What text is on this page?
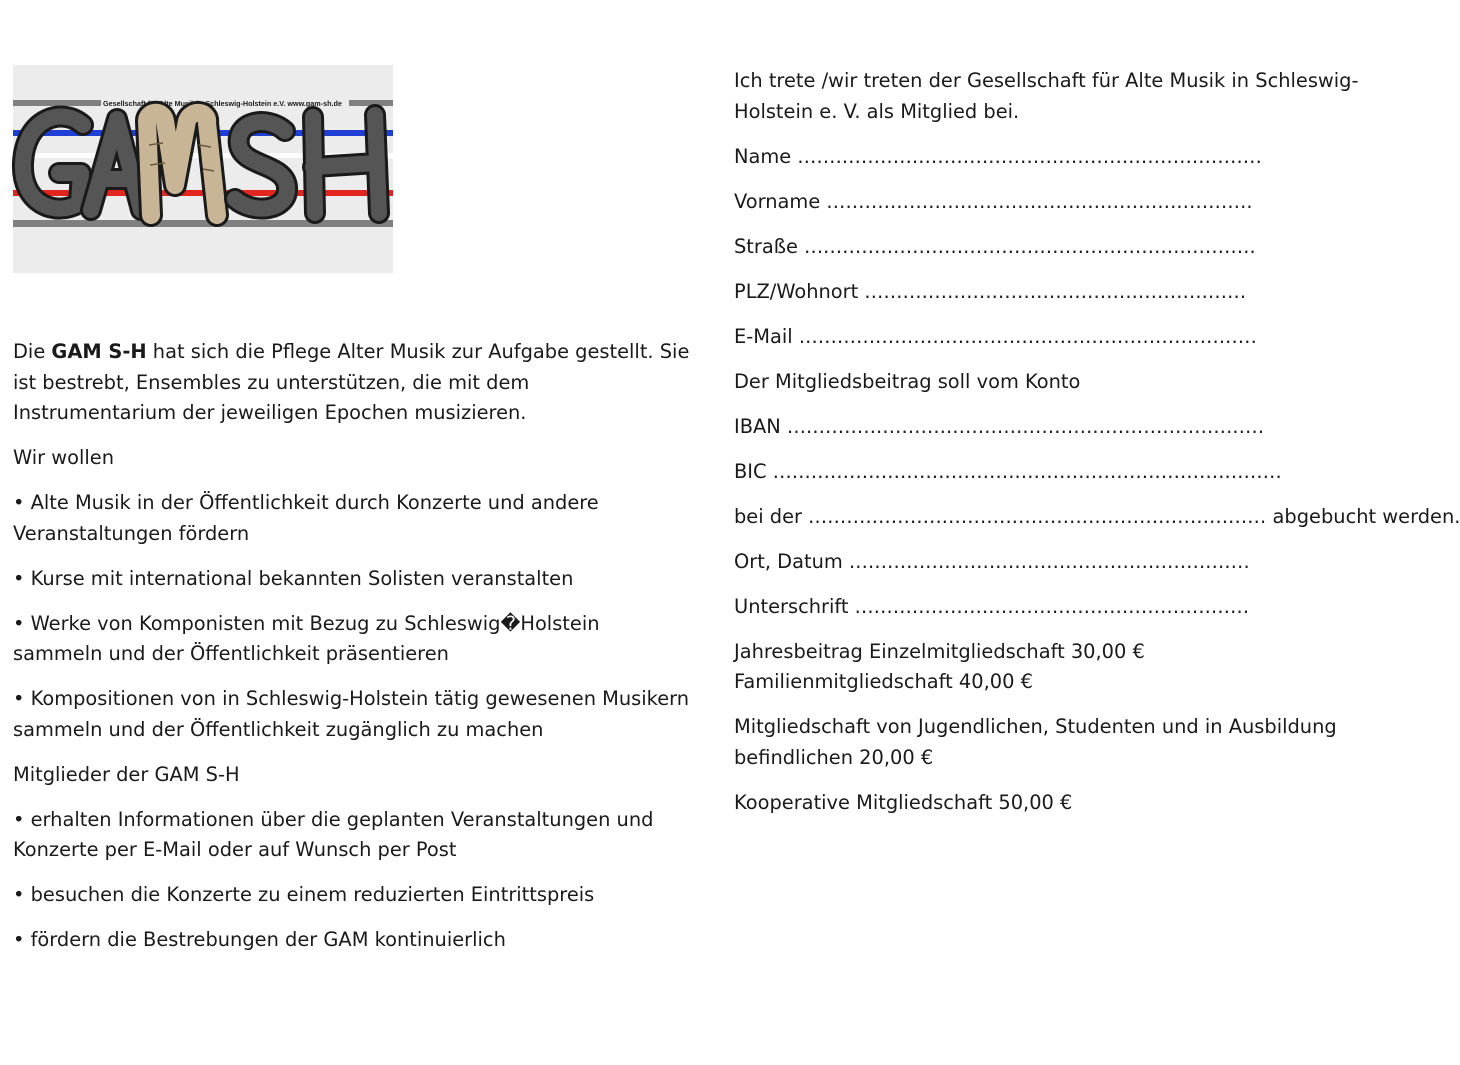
Gesellschaft für Alte Musik in Schleswig-Holstein e.V. www.gam-sh.de

Die GAM S-H hat sich die Pflege Alter Musik zur Aufgabe gestellt. Sie ist bestrebt, Ensembles zu unterstützen, die mit dem Instrumentarium der jeweiligen Epochen musizieren.

Wir wollen

• Alte Musik in der Öffentlichkeit durch Konzerte und andere Veranstaltungen fördern

• Kurse mit international bekannten Solisten veranstalten

• Werke von Komponisten mit Bezug zu Schleswig�Holstein sammeln und der Öffentlichkeit präsentieren

• Kompositionen von in Schleswig-Holstein tätig gewesenen Musikern sammeln und der Öffentlichkeit zugänglich zu machen

Mitglieder der GAM S-H

• erhalten Informationen über die geplanten Veranstaltungen und Konzerte per E-Mail oder auf Wunsch per Post

• besuchen die Konzerte zu einem reduzierten Eintrittspreis

• fördern die Bestrebungen der GAM kontinuierlich

Ich trete /wir treten der Gesellschaft für Alte Musik in Schleswig-Holstein e. V. als Mitglied bei.

Name .........................................................................

Vorname ...................................................................

Straße .......................................................................

PLZ/Wohnort ............................................................

E-Mail ........................................................................

Der Mitgliedsbeitrag soll vom Konto

IBAN ...........................................................................

BIC ................................................................................

bei der ........................................................................ abgebucht werden.

Ort, Datum ...............................................................

Unterschrift ..............................................................

Jahresbeitrag Einzelmitgliedschaft 30,00 € Familienmitgliedschaft 40,00 €

Mitgliedschaft von Jugendlichen, Studenten und in Ausbildung befindlichen 20,00 €

Kooperative Mitgliedschaft 50,00 €
